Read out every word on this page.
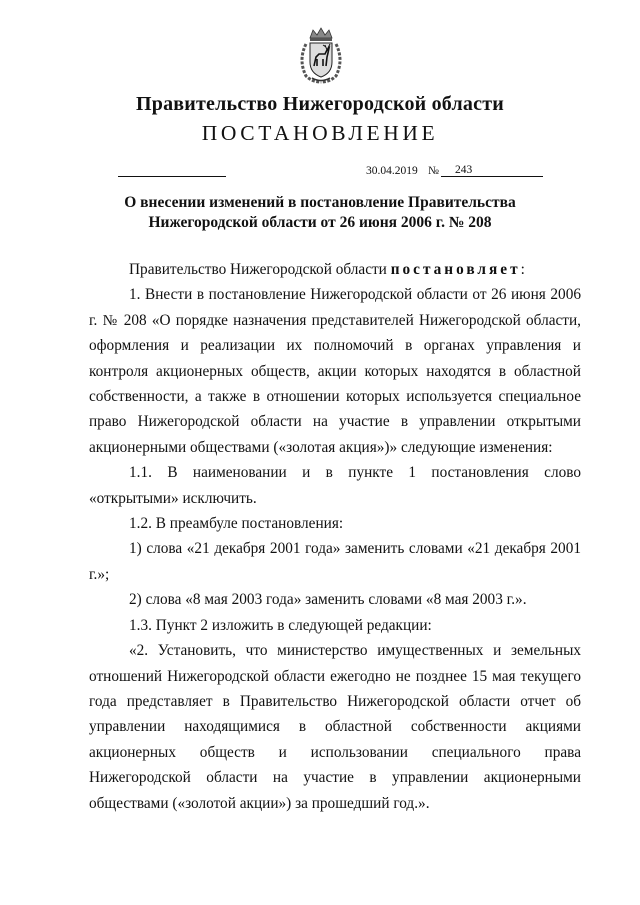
Правительство Нижегородской области
ПОСТАНОВЛЕНИЕ
30.04.2019 №	243
О внесении изменений в постановление Правительства
Нижегородской области от 26 июня 2006 г. № 208

Правительство Нижегородской области постановляет:

1. Внести в постановление Нижегородской области от 26 июня 2006 г. № 208 «О порядке назначения представителей Нижегородской области, оформления и реализации их полномочий в органах управления и контроля акционерных обществ, акции которых находятся в областной собственности, а также в отношении которых используется специальное право Нижегородской области на участие в управлении открытыми акционерными обществами («золотая акция»)» следующие изменения:

1.1. В наименовании и в пункте 1 постановления слово «открытыми» исключить.

1.2. В преамбуле постановления:

1) слова «21 декабря 2001 года» заменить словами «21 декабря 2001 г.»;

2) слова «8 мая 2003 года» заменить словами «8 мая 2003 г.».

1.3. Пункт 2 изложить в следующей редакции:

«2. Установить, что министерство имущественных и земельных отношений Нижегородской области ежегодно не позднее 15 мая текущего года представляет в Правительство Нижегородской области отчет об управлении находящимися в областной собственности акциями акционерных обществ и использовании специального права Нижегородской области на участие в управлении акционерными обществами («золотой акции») за прошедший год.».
